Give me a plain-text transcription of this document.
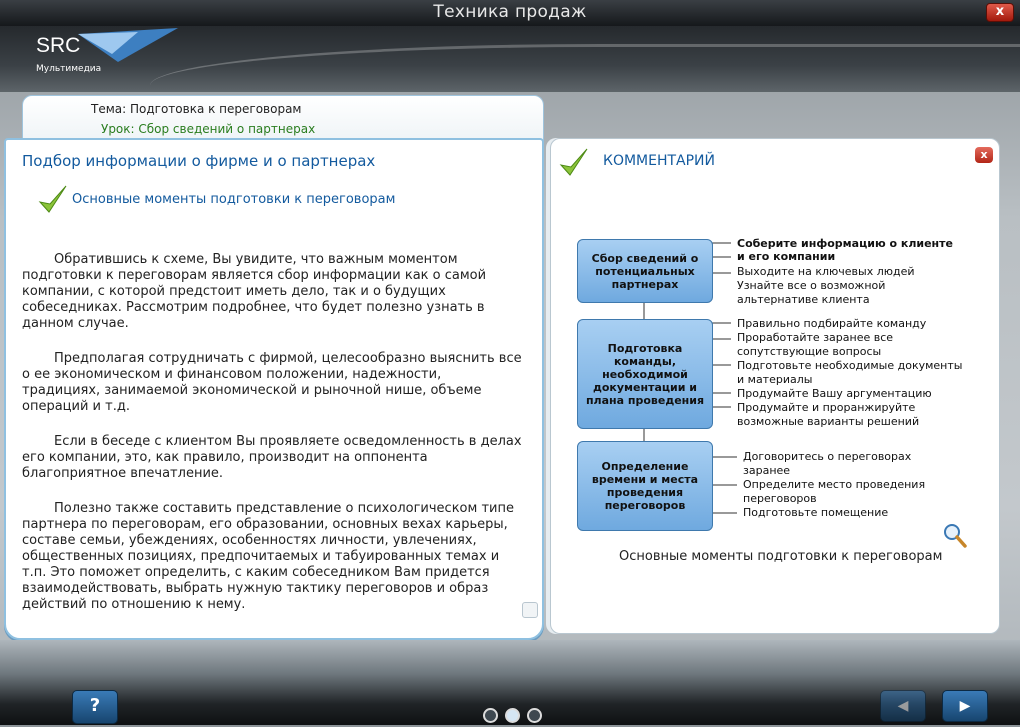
Техника продаж	x
SRC
Мультимедиа
Тема: Подготовка к переговорам
Урок: Сбор сведений о партнерах
Подбор информации о фирме и о партнерах
Основные моменты подготовки к переговорам

Обратившись к схеме, Вы увидите, что важным моментом подготовки к переговорам является сбор информации как о самой компании, с которой предстоит иметь дело, так и о будущих собеседниках. Рассмотрим подробнее, что будет полезно узнать в данном случае.

Предполагая сотрудничать с фирмой, целесообразно выяснить все о ее экономическом и финансовом положении, надежности, традициях, занимаемой экономической и рыночной нише, объеме операций и т.д.

Если в беседе с клиентом Вы проявляете осведомленность в делах его компании, это, как правило, производит на оппонента благоприятное впечатление.

Полезно также составить представление о психологическом типе партнера по переговорам, его образовании, основных вехах карьеры, составе семьи, убеждениях, особенностях личности, увлечениях, общественных позициях, предпочитаемых и табуированных темах и т.п. Это поможет определить, с каким собеседником Вам придется взаимодействовать, выбрать нужную тактику переговоров и образ действий по отношению к нему.

КОММЕНТАРИЙ	x
Сбор сведений о потенциальных партнерах
Подготовка команды, необходимой документации и плана проведения
Определение времени и места проведения переговоров
Соберите информацию о клиенте
и его компании
Выходите на ключевых людей
Узнайте все о возможной
альтернативе клиента
Правильно подбирайте команду
Проработайте заранее все
сопутствующие вопросы
Подготовьте необходимые документы
и материалы
Продумайте Вашу аргументацию
Продумайте и проранжируйте
возможные варианты решений
Договоритесь о переговорах
заранее
Определите место проведения
переговоров
Подготовьте помещение
Основные моменты подготовки к переговорам
?
	◀	▶
